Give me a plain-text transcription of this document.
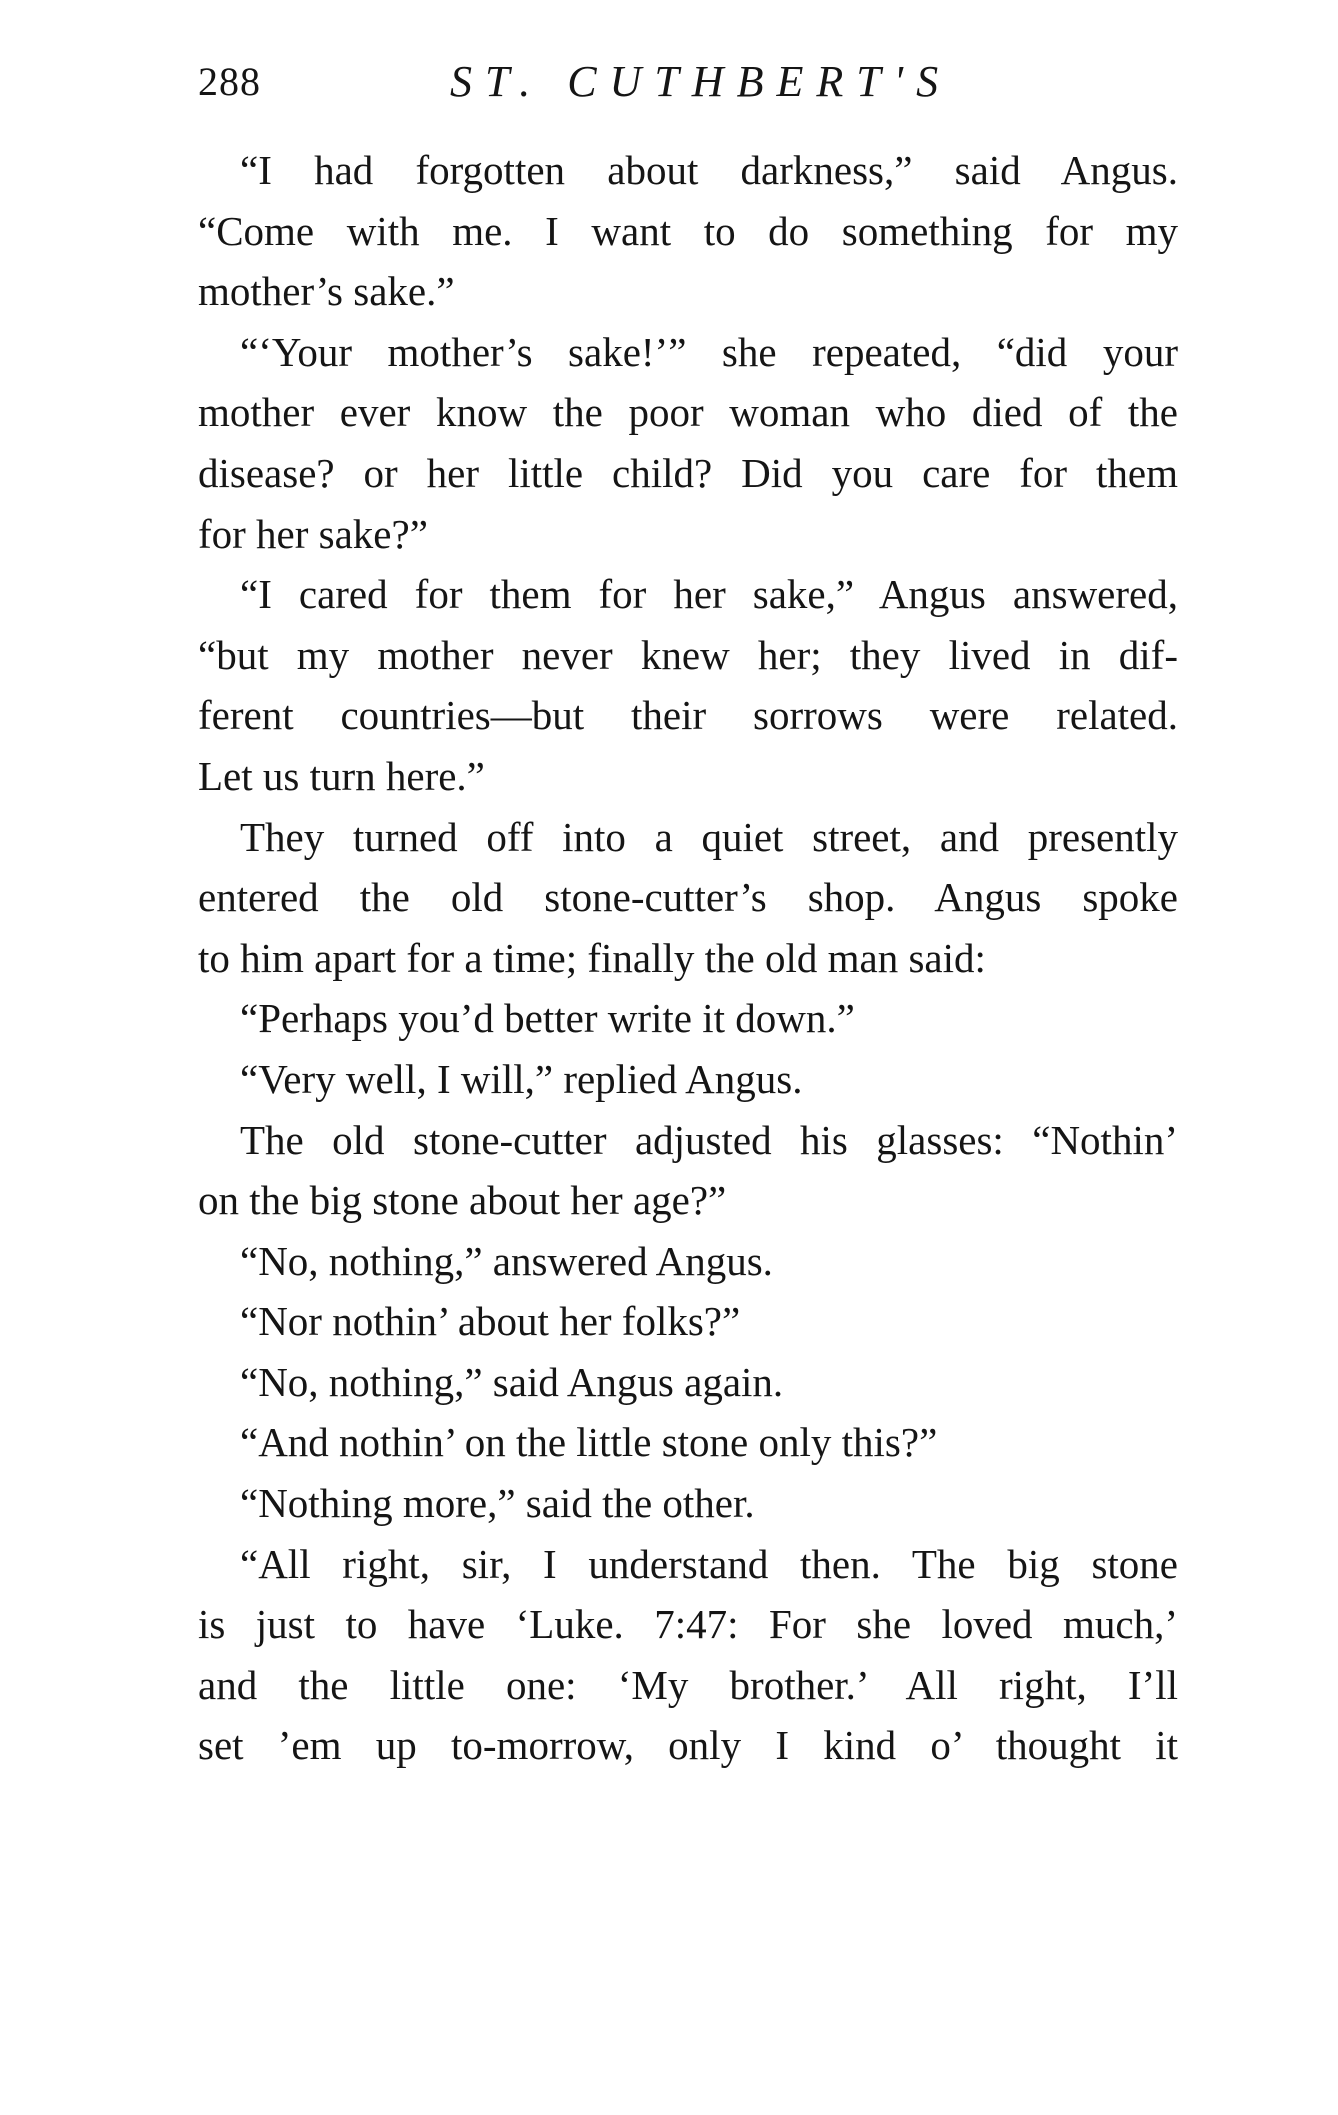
288	ST. CUTHBERT'S
“I had forgotten about darkness,” said Angus.
“Come with me. I want to do something for my
mother’s sake.”
“‘Your mother’s sake!’” she repeated, “did your
mother ever know the poor woman who died of the
disease? or her little child? Did you care for them
for her sake?”
“I cared for them for her sake,” Angus answered,
“but my mother never knew her; they lived in dif-
ferent countries—but their sorrows were related.
Let us turn here.”
They turned off into a quiet street, and presently
entered the old stone-cutter’s shop. Angus spoke
to him apart for a time; finally the old man said:
“Perhaps you’d better write it down.”
“Very well, I will,” replied Angus.
The old stone-cutter adjusted his glasses: “Nothin’
on the big stone about her age?”
“No, nothing,” answered Angus.
“Nor nothin’ about her folks?”
“No, nothing,” said Angus again.
“And nothin’ on the little stone only this?”
“Nothing more,” said the other.
“All right, sir, I understand then. The big stone
is just to have ‘Luke. 7:47: For she loved much,’
and the little one: ‘My brother.’ All right, I’ll
set ’em up to-morrow, only I kind o’ thought it
